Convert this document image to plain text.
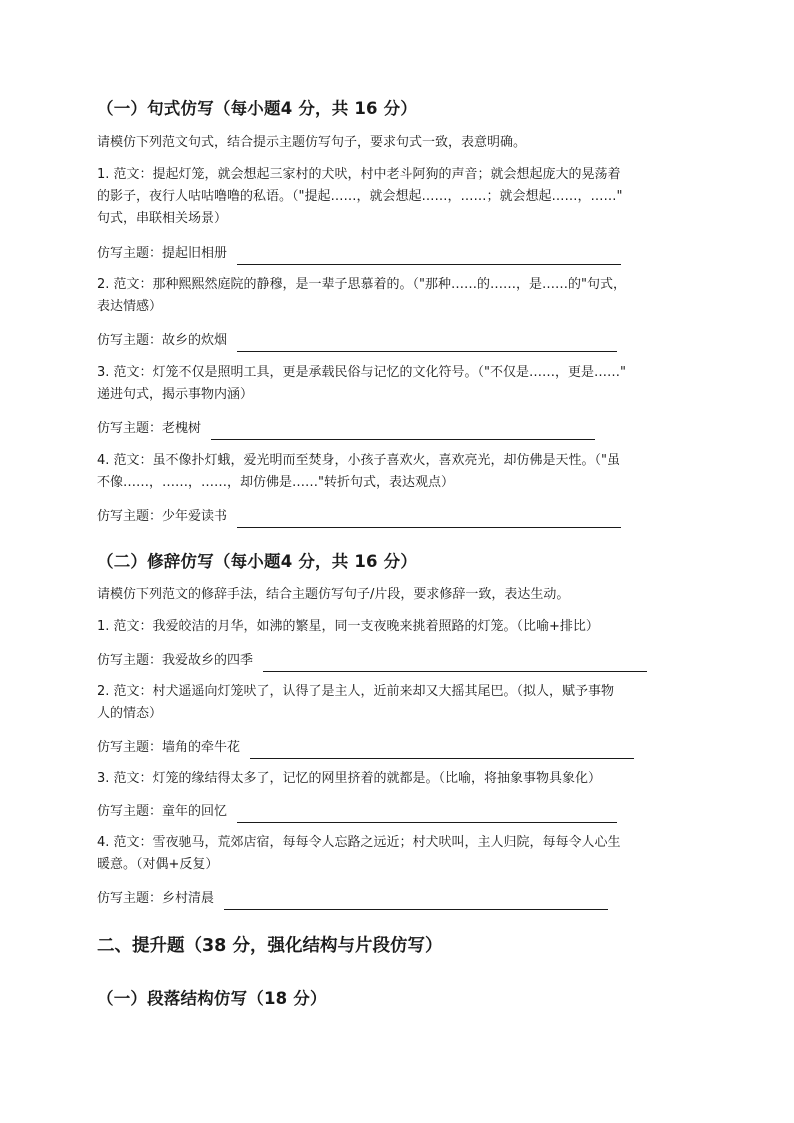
（一）句式仿写（每小题4 分，共 16 分）
请模仿下列范文句式，结合提示主题仿写句子，要求句式一致，表意明确。
1. 范文：提起灯笼，就会想起三家村的犬吠，村中老斗阿狗的声音；就会想起庞大的晃荡着
的影子，夜行人咕咕噜噜的私语。（"提起……，就会想起……，……；就会想起……，……"
句式，串联相关场景）
仿写主题：提起旧相册
2. 范文：那种熙熙然庭院的静穆，是一辈子思慕着的。（"那种……的……，是……的"句式，
表达情感）
仿写主题：故乡的炊烟
3. 范文：灯笼不仅是照明工具，更是承载民俗与记忆的文化符号。（"不仅是……，更是……"
递进句式，揭示事物内涵）
仿写主题：老槐树
4. 范文：虽不像扑灯蛾，爱光明而至焚身，小孩子喜欢火，喜欢亮光，却仿佛是天性。（"虽
不像……，……，……，却仿佛是……"转折句式，表达观点）
仿写主题：少年爱读书
（二）修辞仿写（每小题4 分，共 16 分）
请模仿下列范文的修辞手法，结合主题仿写句子/片段，要求修辞一致，表达生动。
1. 范文：我爱皎洁的月华，如沸的繁星，同一支夜晚来挑着照路的灯笼。（比喻+排比）
仿写主题：我爱故乡的四季
2. 范文：村犬遥遥向灯笼吠了，认得了是主人，近前来却又大摇其尾巴。（拟人，赋予事物
人的情态）
仿写主题：墙角的牵牛花
3. 范文：灯笼的缘结得太多了，记忆的网里挤着的就都是。（比喻，将抽象事物具象化）
仿写主题：童年的回忆
4. 范文：雪夜驰马，荒郊店宿，每每令人忘路之远近；村犬吠叫，主人归院，每每令人心生
暖意。（对偶+反复）
仿写主题：乡村清晨
二、提升题（38 分，强化结构与片段仿写）
（一）段落结构仿写（18 分）
